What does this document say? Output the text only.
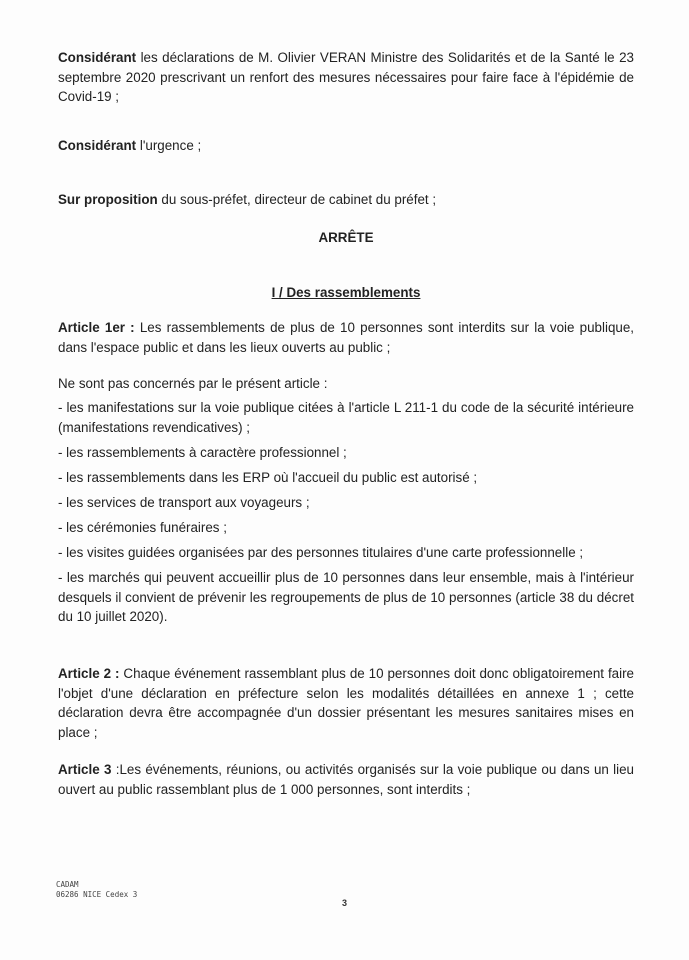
Considérant les déclarations de M. Olivier VERAN Ministre des Solidarités et de la Santé le 23 septembre 2020 prescrivant un renfort des mesures nécessaires pour faire face à l'épidémie de Covid-19 ;

Considérant l'urgence ;

Sur proposition du sous-préfet, directeur de cabinet du préfet ;

ARRÊTE

I / Des rassemblements

Article 1er : Les rassemblements de plus de 10 personnes sont interdits sur la voie publique, dans l'espace public et dans les lieux ouverts au public ;

Ne sont pas concernés par le présent article :

- les manifestations sur la voie publique citées à l'article L 211-1 du code de la sécurité intérieure (manifestations revendicatives) ;

- les rassemblements à caractère professionnel ;

- les rassemblements dans les ERP où l'accueil du public est autorisé ;

- les services de transport aux voyageurs ;

- les cérémonies funéraires ;

- les visites guidées organisées par des personnes titulaires d'une carte professionnelle ;

- les marchés qui peuvent accueillir plus de 10 personnes dans leur ensemble, mais à l'intérieur desquels il convient de prévenir les regroupements de plus de 10 personnes (article 38 du décret du 10 juillet 2020).

Article 2 : Chaque événement rassemblant plus de 10 personnes doit donc obligatoirement faire l'objet d'une déclaration en préfecture selon les modalités détaillées en annexe 1 ; cette déclaration devra être accompagnée d'un dossier présentant les mesures sanitaires mises en place ;

Article 3 :Les événements, réunions, ou activités organisés sur la voie publique ou dans un lieu ouvert au public rassemblant plus de 1 000 personnes, sont interdits ;

CADAM
06286 NICE Cedex 3
3
